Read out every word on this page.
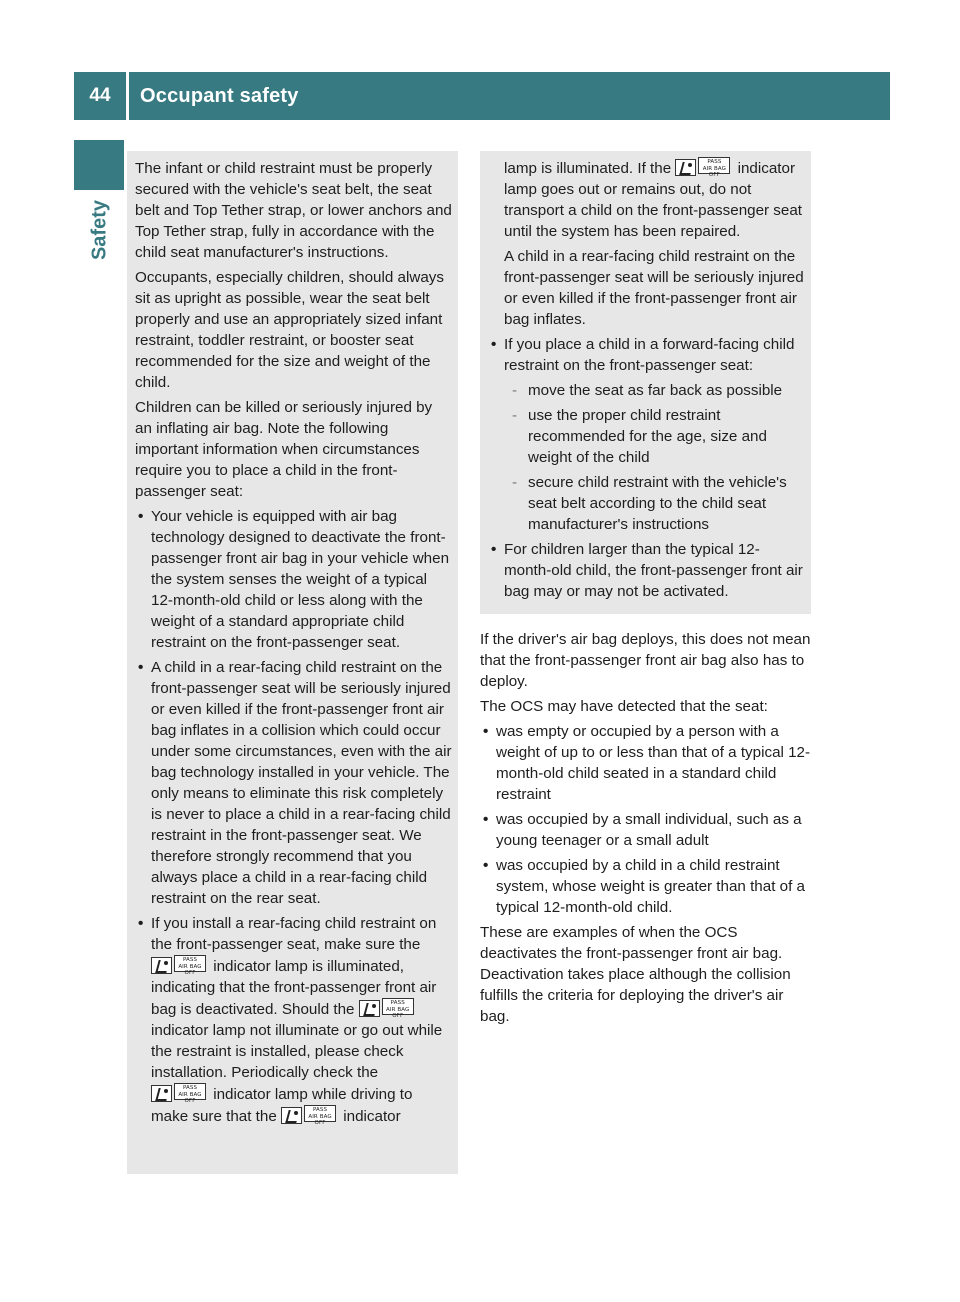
44	Occupant safety
Safety

The infant or child restraint must be properly secured with the vehicle's seat belt, the seat belt and Top Tether strap, or lower anchors and Top Tether strap, fully in accordance with the child seat manufacturer's instructions.

Occupants, especially children, should always sit as upright as possible, wear the seat belt properly and use an appropriately sized infant restraint, toddler restraint, or booster seat recommended for the size and weight of the child.

Children can be killed or seriously injured by an inflating air bag. Note the following important information when circumstances require you to place a child in the front-passenger seat:

• Your vehicle is equipped with air bag technology designed to deactivate the front-passenger front air bag in your vehicle when the system senses the weight of a typical 12-month-old child or less along with the weight of a standard appropriate child restraint on the front-passenger seat.
• A child in a rear-facing child restraint on the front-passenger seat will be seriously injured or even killed if the front-passenger front air bag inflates in a collision which could occur under some circumstances, even with the air bag technology installed in your vehicle. The only means to eliminate this risk completely is never to place a child in a rear-facing child restraint in the front-passenger seat. We therefore strongly recommend that you always place a child in a rear-facing child restraint on the rear seat.
• If you install a rear-facing child restraint on the front-passenger seat, make sure the
PASS
AIR BAG OFF indicator lamp is illuminated, indicating that the front-passenger front air bag is deactivated. Should the	PASS
AIR BAG OFF indicator lamp not illuminate or go out while the restraint is installed, please check installation. Periodically check the
PASS
AIR BAG OFF indicator lamp while driving to make sure that the	PASS
AIR BAG OFF indicator
lamp is illuminated. If the	PASS
AIR BAG OFF indicator lamp goes out or remains out, do not transport a child on the front-passenger seat until the system has been repaired.
A child in a rear-facing child restraint on the front-passenger seat will be seriously injured or even killed if the front-passenger front air bag inflates.
• If you place a child in a forward-facing child restraint on the front-passenger seat:
- move the seat as far back as possible
- use the proper child restraint recommended for the age, size and weight of the child
- secure child restraint with the vehicle's seat belt according to the child seat manufacturer's instructions
• For children larger than the typical 12-month-old child, the front-passenger front air bag may or may not be activated.

If the driver's air bag deploys, this does not mean that the front-passenger front air bag also has to deploy.

The OCS may have detected that the seat:

• was empty or occupied by a person with a weight of up to or less than that of a typical 12-month-old child seated in a standard child restraint
• was occupied by a small individual, such as a young teenager or a small adult
• was occupied by a child in a child restraint system, whose weight is greater than that of a typical 12-month-old child.

These are examples of when the OCS deactivates the front-passenger front air bag. Deactivation takes place although the collision fulfills the criteria for deploying the driver's air bag.
